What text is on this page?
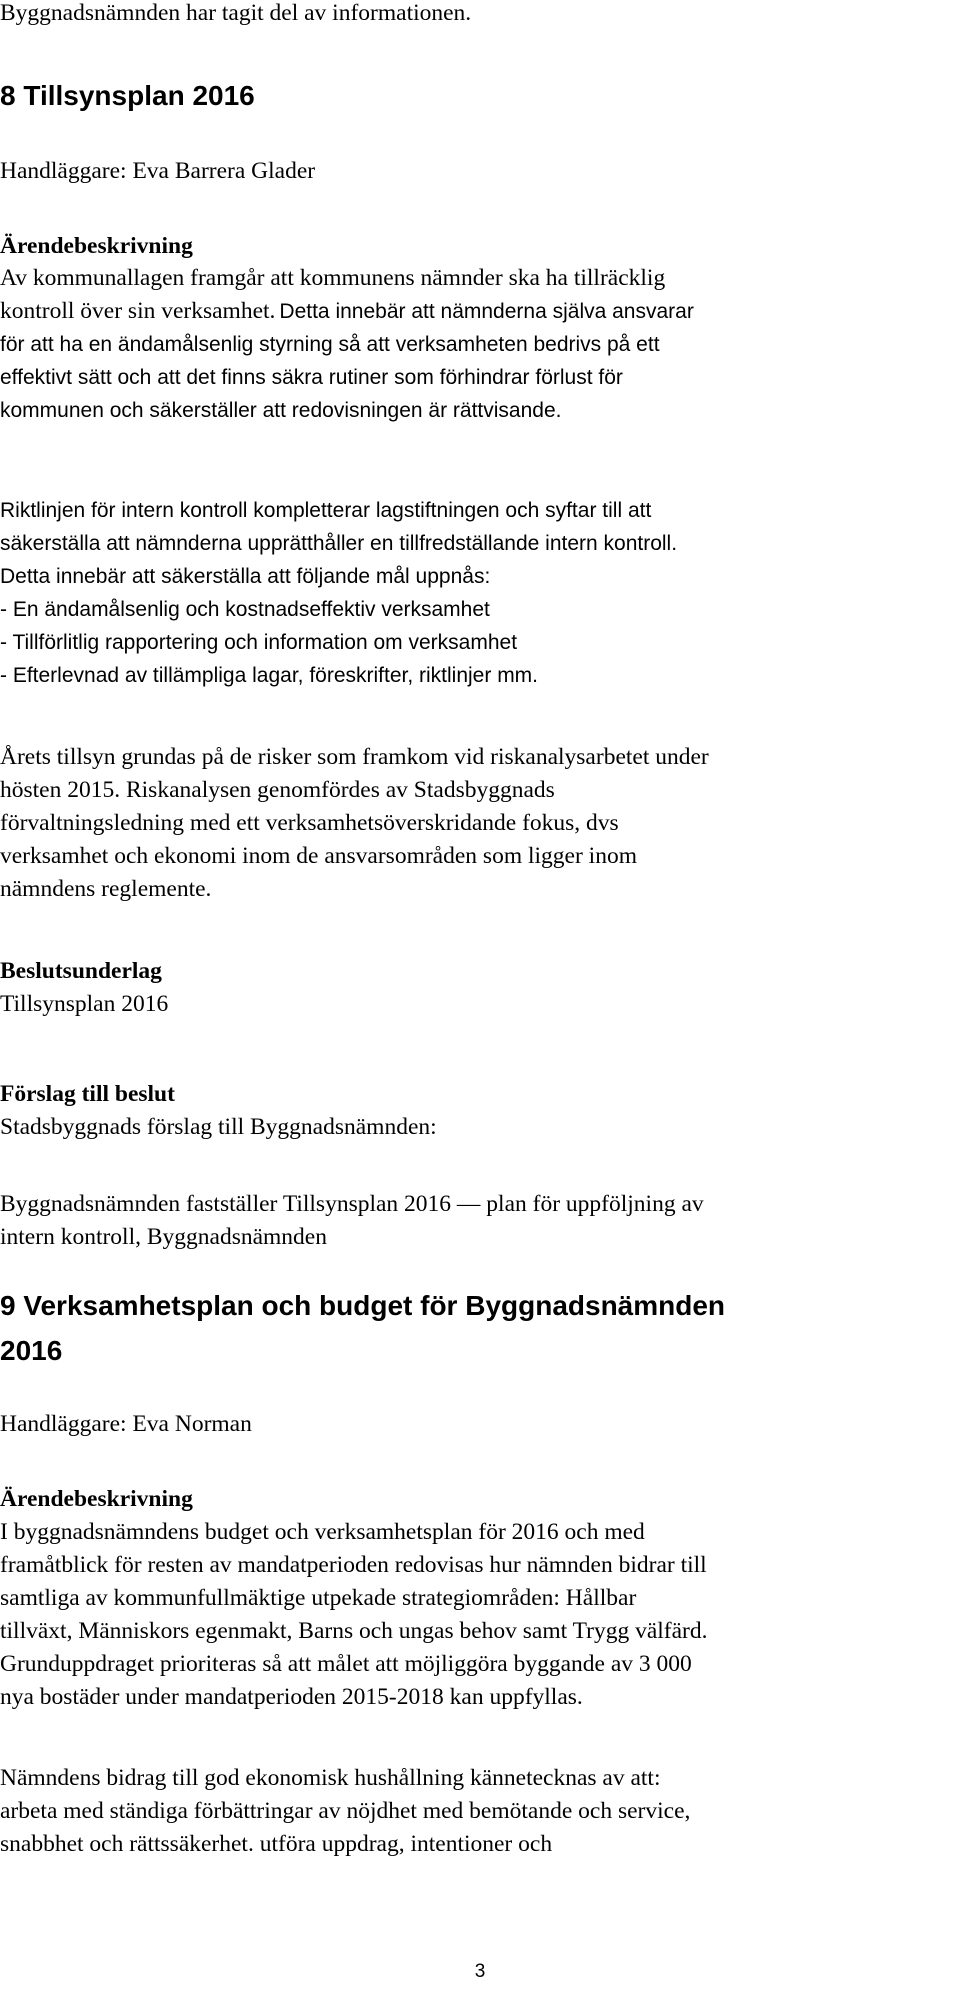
Byggnadsnämnden har tagit del av informationen.

8 Tillsynsplan 2016

Handläggare: Eva Barrera Glader

Ärendebeskrivning
Av kommunallagen framgår att kommunens nämnder ska ha tillräcklig
kontroll över sin verksamhet. Detta innebär att nämnderna själva ansvarar
för att ha en ändamålsenlig styrning så att verksamheten bedrivs på ett
effektivt sätt och att det finns säkra rutiner som förhindrar förlust för
kommunen och säkerställer att redovisningen är rättvisande.
Riktlinjen för intern kontroll kompletterar lagstiftningen och syftar till att
säkerställa att nämnderna upprätthåller en tillfredställande intern kontroll.
Detta innebär att säkerställa att följande mål uppnås:
- En ändamålsenlig och kostnadseffektiv verksamhet
- Tillförlitlig rapportering och information om verksamhet
- Efterlevnad av tillämpliga lagar, föreskrifter, riktlinjer mm.
Årets tillsyn grundas på de risker som framkom vid riskanalysarbetet under
hösten 2015. Riskanalysen genomfördes av Stadsbyggnads
förvaltningsledning med ett verksamhetsöverskridande fokus, dvs
verksamhet och ekonomi inom de ansvarsområden som ligger inom
nämndens reglemente.
Beslutsunderlag

Tillsynsplan 2016

Förslag till beslut

Stadsbyggnads förslag till Byggnadsnämnden:

Byggnadsnämnden fastställer Tillsynsplan 2016 — plan för uppföljning av
intern kontroll, Byggnadsnämnden
9 Verksamhetsplan och budget för Byggnadsnämnden
2016

Handläggare: Eva Norman

Ärendebeskrivning
I byggnadsnämndens budget och verksamhetsplan för 2016 och med
framåtblick för resten av mandatperioden redovisas hur nämnden bidrar till
samtliga av kommunfullmäktige utpekade strategiområden: Hållbar
tillväxt, Människors egenmakt, Barns och ungas behov samt Trygg välfärd.
Grunduppdraget prioriteras så att målet att möjliggöra byggande av 3 000
nya bostäder under mandatperioden 2015-2018 kan uppfyllas.
Nämndens bidrag till god ekonomisk hushållning kännetecknas av att:
arbeta med ständiga förbättringar av nöjdhet med bemötande och service,
snabbhet och rättssäkerhet. utföra uppdrag, intentioner och
3
